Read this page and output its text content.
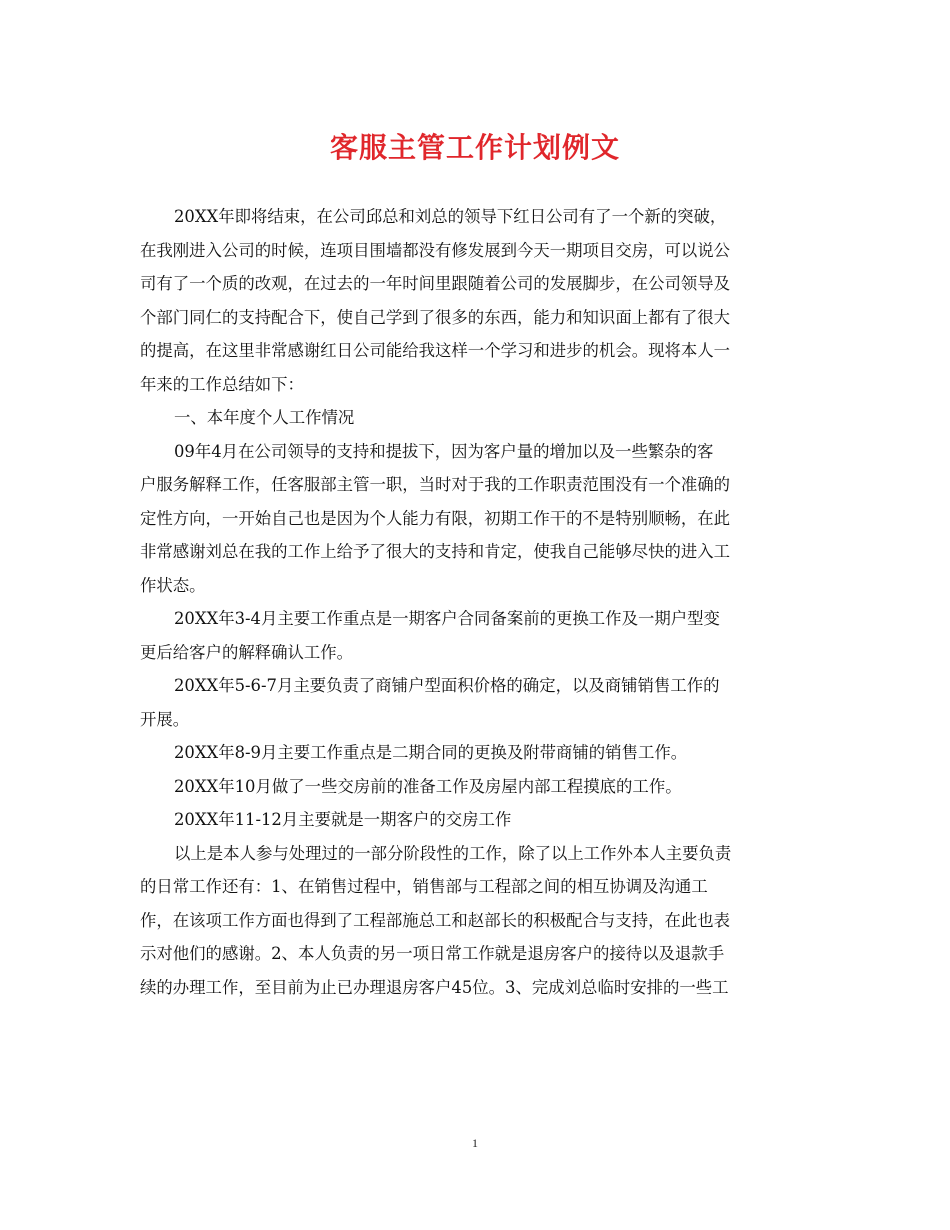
客服主管工作计划例文
20XX年即将结束，在公司邱总和刘总的领导下红日公司有了一个新的突破，
在我刚进入公司的时候，连项目围墙都没有修发展到今天一期项目交房，可以说公
司有了一个质的改观，在过去的一年时间里跟随着公司的发展脚步，在公司领导及
个部门同仁的支持配合下，使自己学到了很多的东西，能力和知识面上都有了很大
的提高，在这里非常感谢红日公司能给我这样一个学习和进步的机会。现将本人一
年来的工作总结如下：
一、本年度个人工作情况
09年4月在公司领导的支持和提拔下，因为客户量的增加以及一些繁杂的客
户服务解释工作，任客服部主管一职，当时对于我的工作职责范围没有一个准确的
定性方向，一开始自己也是因为个人能力有限，初期工作干的不是特别顺畅，在此
非常感谢刘总在我的工作上给予了很大的支持和肯定，使我自己能够尽快的进入工
作状态。
20XX年3-4月主要工作重点是一期客户合同备案前的更换工作及一期户型变
更后给客户的解释确认工作。
20XX年5-6-7月主要负责了商铺户型面积价格的确定，以及商铺销售工作的
开展。
20XX年8-9月主要工作重点是二期合同的更换及附带商铺的销售工作。
20XX年10月做了一些交房前的准备工作及房屋内部工程摸底的工作。
20XX年11-12月主要就是一期客户的交房工作
以上是本人参与处理过的一部分阶段性的工作，除了以上工作外本人主要负责
的日常工作还有：1、在销售过程中，销售部与工程部之间的相互协调及沟通工
作，在该项工作方面也得到了工程部施总工和赵部长的积极配合与支持，在此也表
示对他们的感谢。2、本人负责的另一项日常工作就是退房客户的接待以及退款手
续的办理工作，至目前为止已办理退房客户45位。3、完成刘总临时安排的一些工
1
